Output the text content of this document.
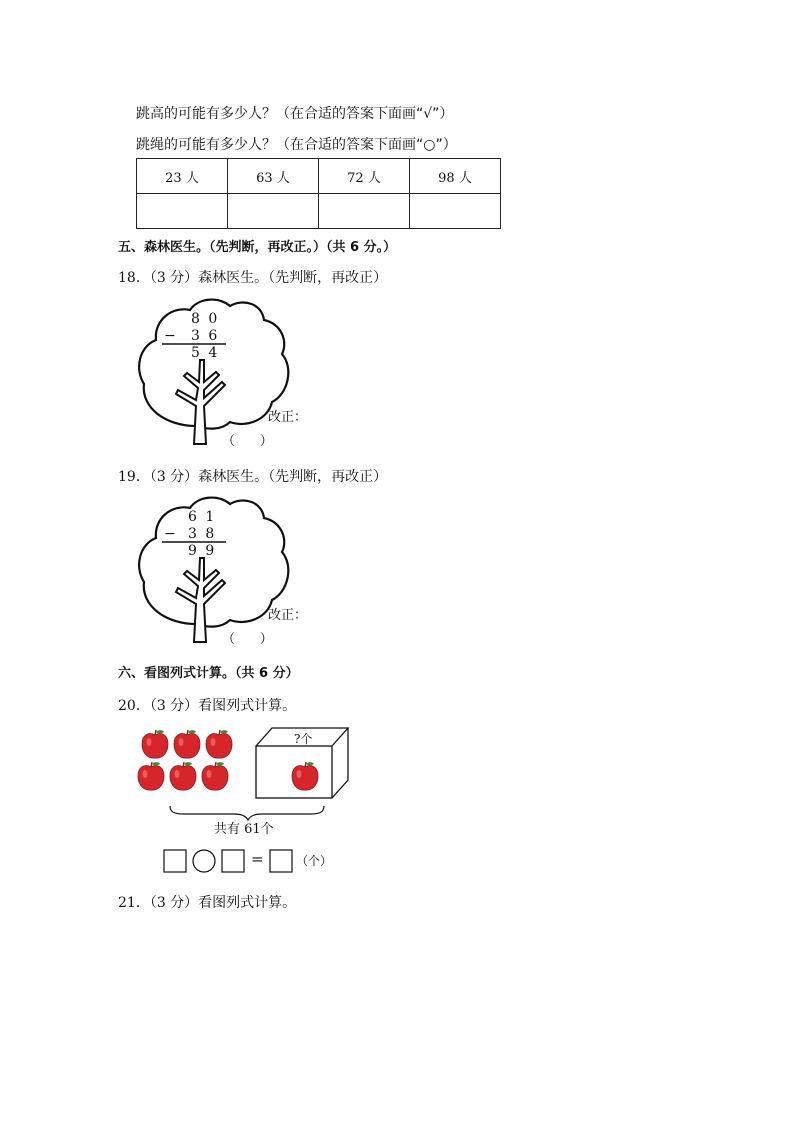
跳高的可能有多少人？（在合适的答案下面画“√”）
跳绳的可能有多少人？（在合适的答案下面画“○”）
23 人	63 人	72 人	98 人

五、森林医生。（先判断，再改正。）（共 6 分。）
18．（3 分）森林医生。（先判断，再改正）
8 0
− 3 6
5 4
改正：
（      ）
19．（3 分）森林医生。（先判断，再改正）
6 1
− 3 8
9 9
改正：
（      ）
六、看图列式计算。（共 6 分）
20．（3 分）看图列式计算。
?个
共有 61个
=	（个）
21．（3 分）看图列式计算。
